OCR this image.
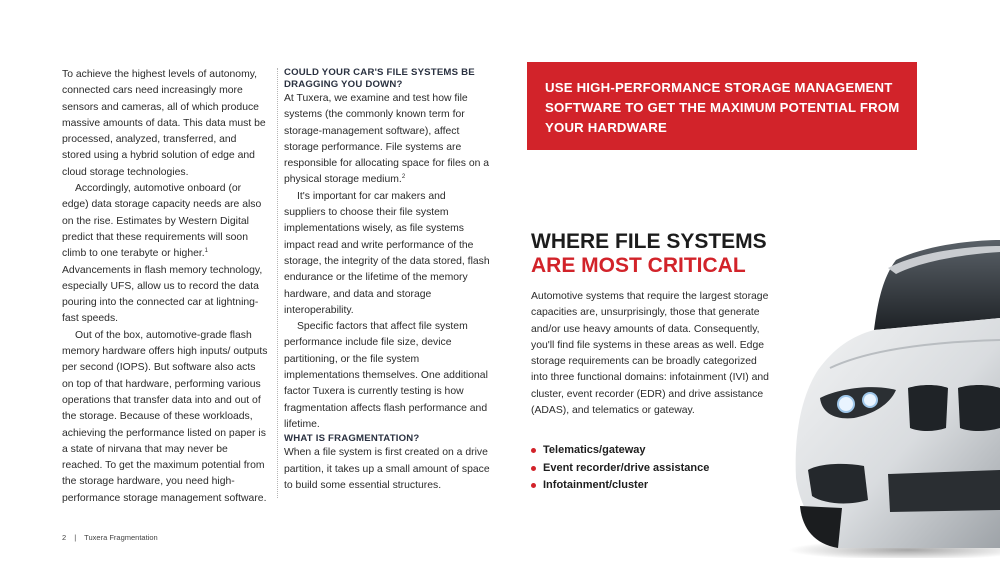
To achieve the highest levels of autonomy, connected cars need increasingly more sensors and cameras, all of which produce massive amounts of data. This data must be processed, analyzed, transferred, and stored using a hybrid solution of edge and cloud storage technologies.

Accordingly, automotive onboard (or edge) data storage capacity needs are also on the rise. Estimates by Western Digital predict that these requirements will soon climb to one terabyte or higher.$^1$ Advancements in flash memory technology, especially UFS, allow us to record the data pouring into the connected car at lightning-fast speeds.

Out of the box, automotive-grade flash memory hardware offers high inputs/ outputs per second (IOPS). But software also acts on top of that hardware, performing various operations that transfer data into and out of the storage. Because of these workloads, achieving the performance listed on paper is a state of nirvana that may never be reached. To get the maximum potential from the storage hardware, you need high-performance storage management software.

COULD YOUR CAR'S FILE SYSTEMS BE DRAGGING YOU DOWN?

At Tuxera, we examine and test how file systems (the commonly known term for storage-management software), affect storage performance. File systems are responsible for allocating space for files on a physical storage medium.$^2$

It's important for car makers and suppliers to choose their file system implementations wisely, as file systems impact read and write performance of the storage, the integrity of the data stored, flash endurance or the lifetime of the memory hardware, and data and storage interoperability.

Specific factors that affect file system performance include file size, device partitioning, or the file system implementations themselves. One additional factor Tuxera is currently testing is how fragmentation affects flash performance and lifetime.

WHAT IS FRAGMENTATION?

When a file system is first created on a drive partition, it takes up a small amount of space to build some essential structures.

USE HIGH-PERFORMANCE STORAGE MANAGEMENT SOFTWARE TO GET THE MAXIMUM POTENTIAL FROM YOUR HARDWARE
WHERE FILE SYSTEMS
ARE MOST CRITICAL
Automotive systems that require the largest storage capacities are, unsurprisingly, those that generate and/or use heavy amounts of data. Consequently, you'll find file systems in these areas as well. Edge storage requirements can be broadly categorized into three functional domains: infotainment (IVI) and cluster, event recorder (EDR) and drive assistance (ADAS), and telematics or gateway.
Telematics/gateway
Event recorder/drive assistance
Infotainment/cluster
2 | Tuxera Fragmentation
